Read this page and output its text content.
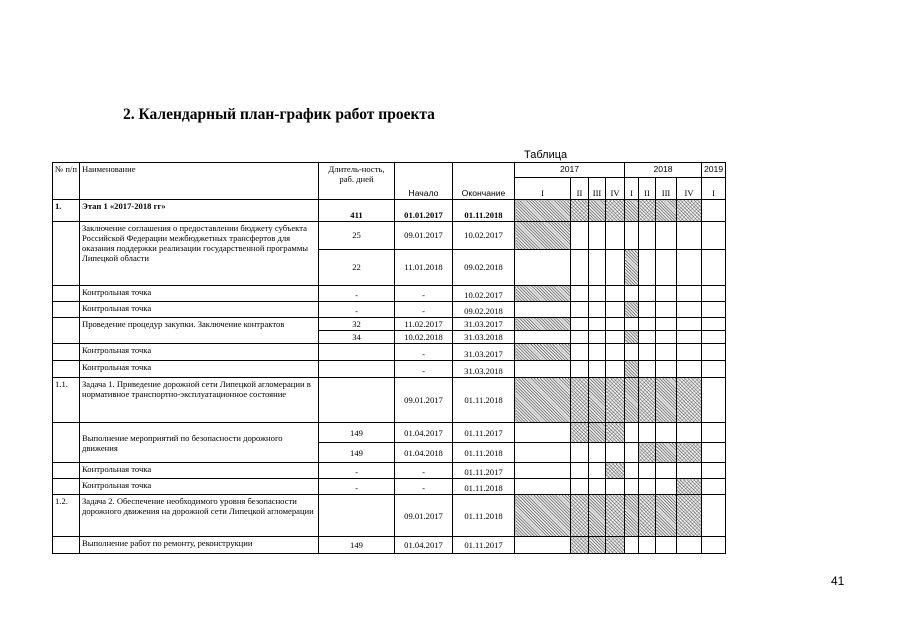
2. Календарный план-график работ проекта
Таблица
№ п/п	Наименование	Длитель-ность, раб. дней	Начало	Окончание	2017				2018				2019
					I	II	III	IV	I	II	III	IV	I
1.	Этап 1 «2017-2018 гг»	411	01.01.2017	01.11.2018									
	Заключение соглашения о предоставлении бюджету субъекта Российской Федерации межбюджетных трансфертов для оказания поддержки реализации государственной программы Липецкой области	25	09.01.2017	10.02.2017									
		22	11.01.2018	09.02.2018									
	Контрольная точка	-	-	10.02.2017									
	Контрольная точка	-	-	09.02.2018									
	Проведение процедур закупки. Заключение контрактов	32	11.02.2017	31.03.2017									
		34	10.02.2018	31.03.2018									
	Контрольная точка		-	31.03.2017									
	Контрольная точка		-	31.03.2018									
1.1.	Задача 1. Приведение дорожной сети Липецкой агломерации в нормативное транспортно-эксплуатационное состояние		09.01.2017	01.11.2018									
	Выполнение мероприятий по безопасности дорожного движения	149	01.04.2017	01.11.2017									
		149	01.04.2018	01.11.2018									
	Контрольная точка	-	-	01.11.2017									
	Контрольная точка	-	-	01.11.2018									
1.2.	Задача 2. Обеспечение необходимого уровня безопасности дорожного движения на дорожной сети Липецкой агломерации		09.01.2017	01.11.2018									
	Выполнение работ по ремонту, реконструкции	149	01.04.2017	01.11.2017									
41
